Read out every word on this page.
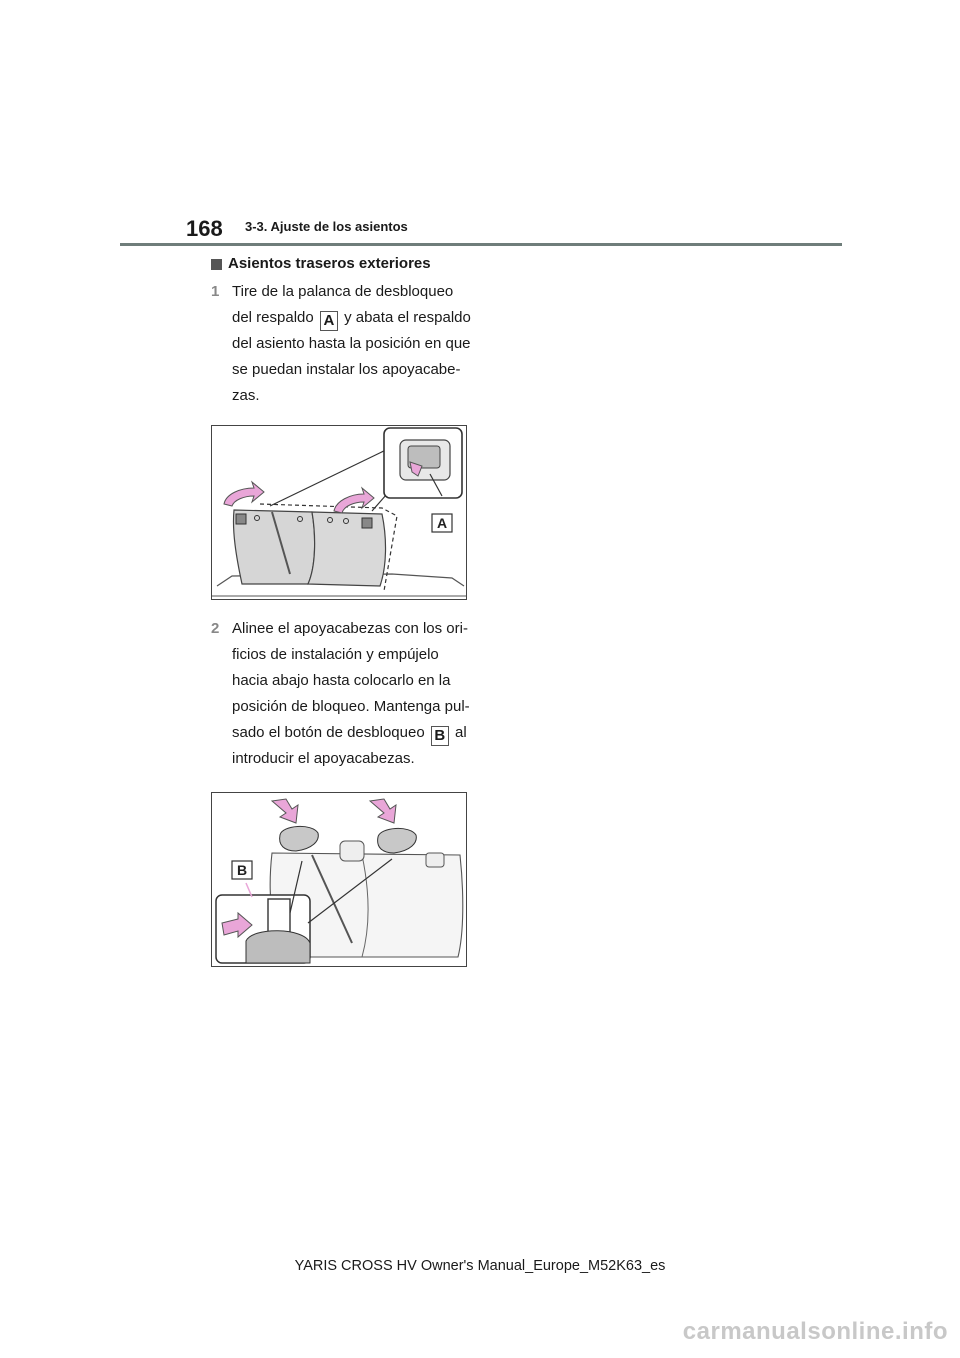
168 3-3. Ajuste de los asientos
Asientos traseros exteriores
1 Tire de la palanca de desbloqueo del respaldo A y abata el respaldo del asiento hasta la posición en que se puedan instalar los apoyacabe-zas.
A
2 Alinee el apoyacabezas con los ori-ficios de instalación y empújelo hacia abajo hasta colocarlo en la posición de bloqueo. Mantenga pul-sado el botón de desbloqueo B al introducir el apoyacabezas.
B
YARIS CROSS HV Owner's Manual_Europe_M52K63_es
carmanualsonline.info
